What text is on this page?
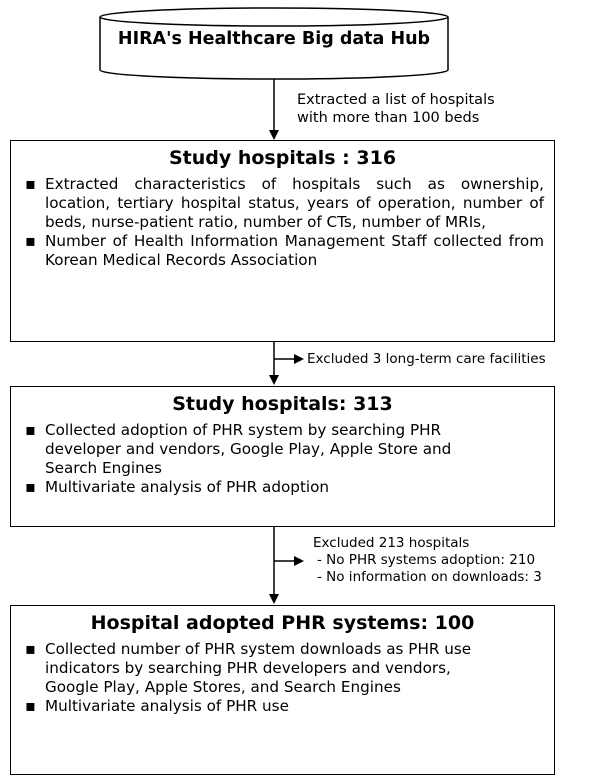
HIRA's Healthcare Big data Hub
Extracted a list of hospitals
with more than 100 beds
Study hospitals : 316
▪ Extracted characteristics of hospitals such as ownership, location, tertiary hospital status, years of operation, number of beds, nurse-patient ratio, number of CTs, number of MRIs,
▪ Number of Health Information Management Staff collected from Korean Medical Records Association
Excluded 3 long-term care facilities
Study hospitals: 313
▪ Collected adoption of PHR system by searching PHR developer and vendors, Google Play, Apple Store and Search Engines
▪ Multivariate analysis of PHR adoption
Excluded 213 hospitals
- No PHR systems adoption: 210
- No information on downloads: 3
Hospital adopted PHR systems: 100
▪ Collected number of PHR system downloads as PHR use indicators by searching PHR developers and vendors, Google Play, Apple Stores, and Search Engines
▪ Multivariate analysis of PHR use
